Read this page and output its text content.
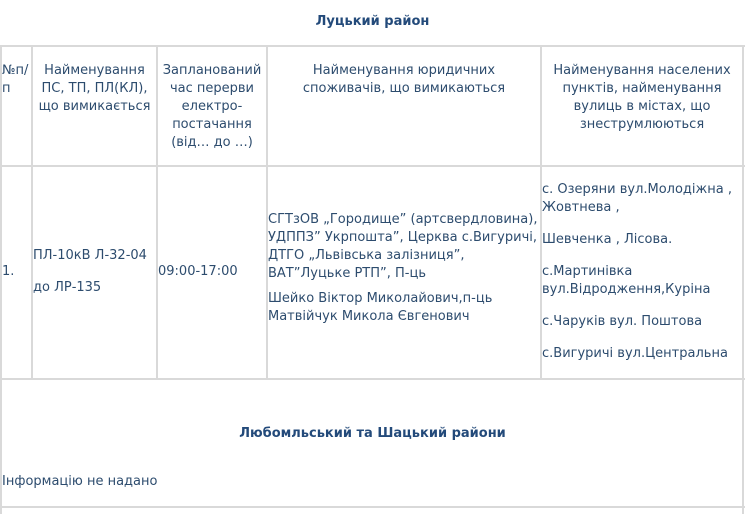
Луцький район
№п/п
Найменування ПС, ТП, ПЛ(КЛ), що вимикається
Запланований час перерви електро-постачання (від… до …)
Найменування юридичних споживачів, що вимикаються
Найменування населених пунктів, найменування вулиць в містах, що знеструмлюються
1.

ПЛ-10кВ Л-32-04

до ЛР-135

09:00-17:00

СГТзОВ „Городище” (артсвердловина), УДППЗ” Укрпошта”, Церква с.Вигуричі, ДТГО „Львівська залізниця”, ВАТ”Луцьке РТП”, П-ць

Шейко Віктор Миколайович,п-ць Матвійчук Микола Євгенович

с. Озеряни вул.Молодіжна , Жовтнева ,

Шевченка , Лісова.

с.Мартинівка вул.Відродження,Куріна

с.Чаруків вул. Поштова

с.Вигуричі вул.Центральна

Любомльський та Шацький райони
Інформацію не надано
